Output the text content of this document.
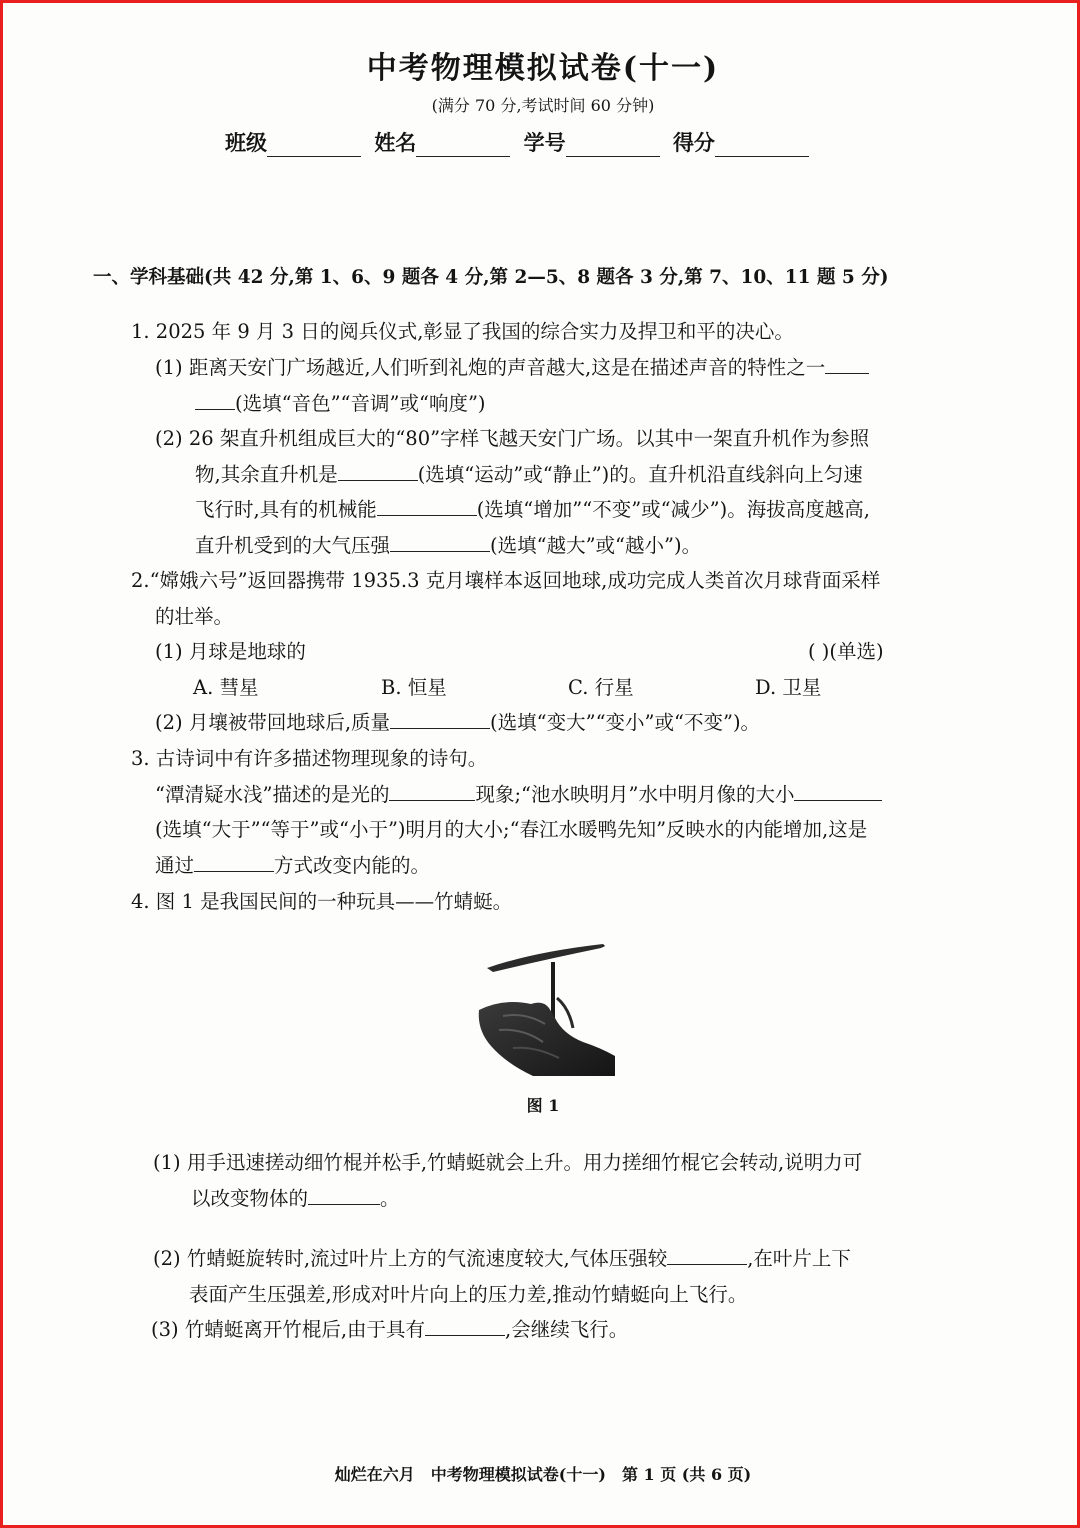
中考物理模拟试卷(十一)
(满分 70 分,考试时间 60 分钟)
班级	姓名	学号	得分
一、学科基础(共 42 分,第 1、6、9 题各 4 分,第 2—5、8 题各 3 分,第 7、10、11 题 5 分)
1. 2025 年 9 月 3 日的阅兵仪式,彰显了我国的综合实力及捍卫和平的决心。
(1) 距离天安门广场越近,人们听到礼炮的声音越大,这是在描述声音的特性之一
(选填“音色”“音调”或“响度”)
(2) 26 架直升机组成巨大的“80”字样飞越天安门广场。以其中一架直升机作为参照
物,其余直升机是	(选填“运动”或“静止”)的。直升机沿直线斜向上匀速
飞行时,具有的机械能	(选填“增加”“不变”或“减少”)。海拔高度越高,
直升机受到的大气压强	(选填“越大”或“越小”)。
2.“嫦娥六号”返回器携带 1935.3 克月壤样本返回地球,成功完成人类首次月球背面采样
的壮举。
(1) 月球是地球的	( )(单选)
A. 彗星	B. 恒星	C. 行星	D. 卫星
(2) 月壤被带回地球后,质量	(选填“变大”“变小”或“不变”)。
3. 古诗词中有许多描述物理现象的诗句。
“潭清疑水浅”描述的是光的	现象;“池水映明月”水中明月像的大小
(选填“大于”“等于”或“小于”)明月的大小;“春江水暖鸭先知”反映水的内能增加,这是
通过	方式改变内能的。
4. 图 1 是我国民间的一种玩具——竹蜻蜓。
图 1
(1) 用手迅速搓动细竹棍并松手,竹蜻蜓就会上升。用力搓细竹棍它会转动,说明力可
以改变物体的	。
(2) 竹蜻蜓旋转时,流过叶片上方的气流速度较大,气体压强较	,在叶片上下
表面产生压强差,形成对叶片向上的压力差,推动竹蜻蜓向上飞行。
(3) 竹蜻蜓离开竹棍后,由于具有	,会继续飞行。
灿烂在六月 中考物理模拟试卷(十一) 第 1 页 (共 6 页)
